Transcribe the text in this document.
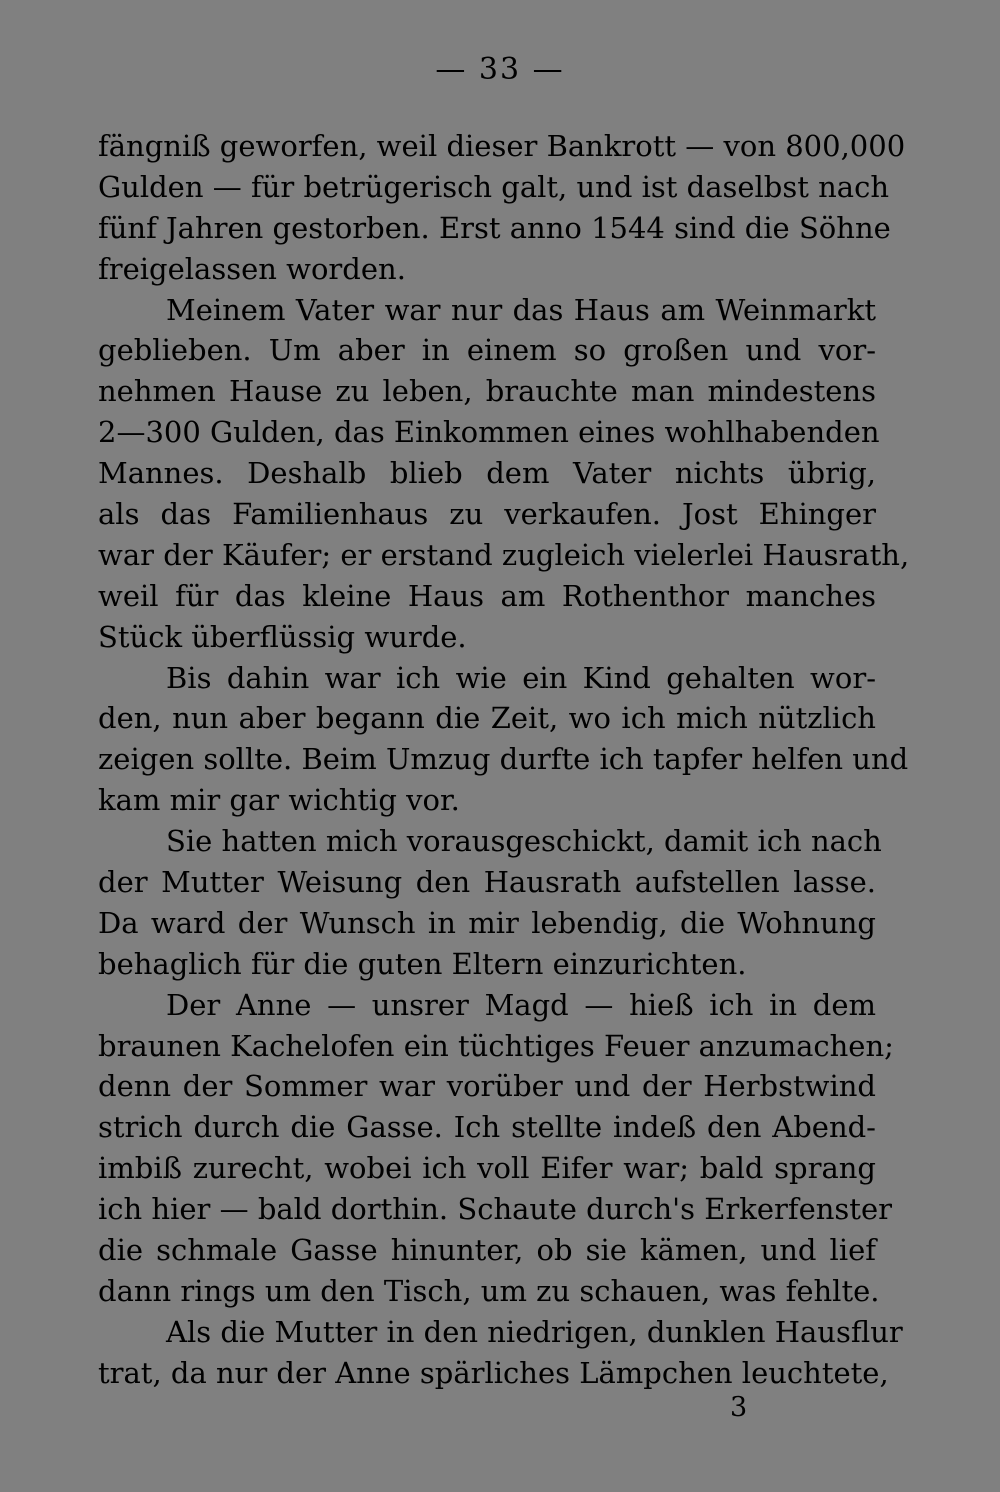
— 33 —
fängniß geworfen, weil dieser Bankrott — von 800,000
Gulden — für betrügerisch galt, und ist daselbst nach
fünf Jahren gestorben. Erst anno 1544 sind die Söhne
freigelassen worden.
Meinem Vater war nur das Haus am Weinmarkt
geblieben. Um aber in einem so großen und vor-
nehmen Hause zu leben, brauchte man mindestens
2—300 Gulden, das Einkommen eines wohlhabenden
Mannes. Deshalb blieb dem Vater nichts übrig,
als das Familienhaus zu verkaufen. Jost Ehinger
war der Käufer; er erstand zugleich vielerlei Hausrath,
weil für das kleine Haus am Rothenthor manches
Stück überflüssig wurde.
Bis dahin war ich wie ein Kind gehalten wor-
den, nun aber begann die Zeit, wo ich mich nützlich
zeigen sollte. Beim Umzug durfte ich tapfer helfen und
kam mir gar wichtig vor.
Sie hatten mich vorausgeschickt, damit ich nach
der Mutter Weisung den Hausrath aufstellen lasse.
Da ward der Wunsch in mir lebendig, die Wohnung
behaglich für die guten Eltern einzurichten.
Der Anne — unsrer Magd — hieß ich in dem
braunen Kachelofen ein tüchtiges Feuer anzumachen;
denn der Sommer war vorüber und der Herbstwind
strich durch die Gasse. Ich stellte indeß den Abend-
imbiß zurecht, wobei ich voll Eifer war; bald sprang
ich hier — bald dorthin. Schaute durch's Erkerfenster
die schmale Gasse hinunter, ob sie kämen, und lief
dann rings um den Tisch, um zu schauen, was fehlte.
Als die Mutter in den niedrigen, dunklen Hausflur
trat, da nur der Anne spärliches Lämpchen leuchtete,
3
